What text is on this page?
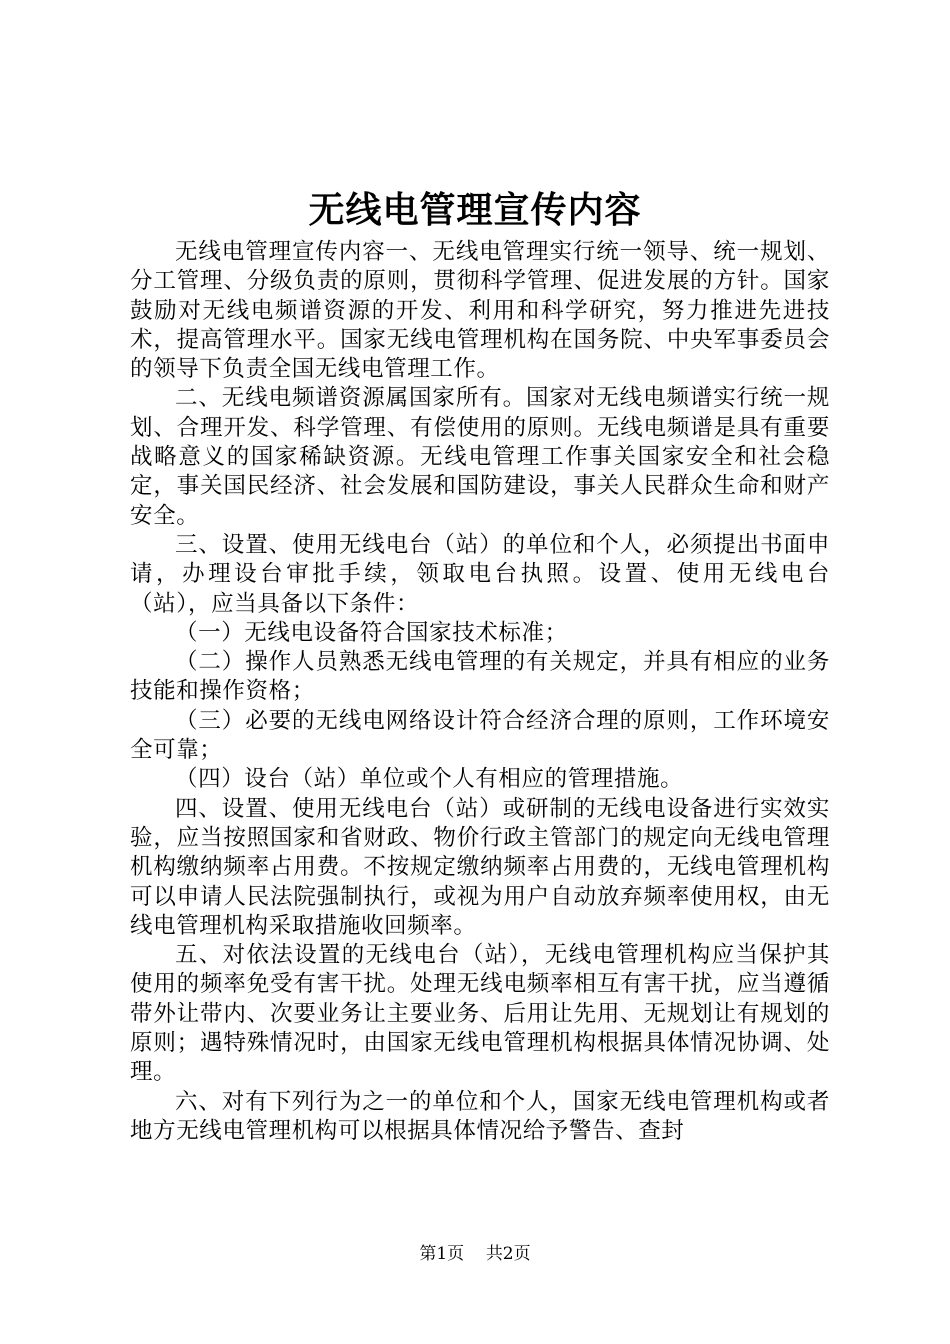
无线电管理宣传内容

无线电管理宣传内容一、无线电管理实行统一领导、统一规划、分工管理、分级负责的原则，贯彻科学管理、促进发展的方针。国家鼓励对无线电频谱资源的开发、利用和科学研究，努力推进先进技术，提高管理水平。国家无线电管理机构在国务院、中央军事委员会的领导下负责全国无线电管理工作。

二、无线电频谱资源属国家所有。国家对无线电频谱实行统一规划、合理开发、科学管理、有偿使用的原则。无线电频谱是具有重要战略意义的国家稀缺资源。无线电管理工作事关国家安全和社会稳定，事关国民经济、社会发展和国防建设，事关人民群众生命和财产安全。

三、设置、使用无线电台（站）的单位和个人，必须提出书面申请，办理设台审批手续，领取电台执照。设置、使用无线电台（站），应当具备以下条件：

（一）无线电设备符合国家技术标准；

（二）操作人员熟悉无线电管理的有关规定，并具有相应的业务技能和操作资格；

（三）必要的无线电网络设计符合经济合理的原则，工作环境安全可靠；

（四）设台（站）单位或个人有相应的管理措施。

四、设置、使用无线电台（站）或研制的无线电设备进行实效实验，应当按照国家和省财政、物价行政主管部门的规定向无线电管理机构缴纳频率占用费。不按规定缴纳频率占用费的，无线电管理机构可以申请人民法院强制执行，或视为用户自动放弃频率使用权，由无线电管理机构采取措施收回频率。

五、对依法设置的无线电台（站），无线电管理机构应当保护其使用的频率免受有害干扰。处理无线电频率相互有害干扰，应当遵循带外让带内、次要业务让主要业务、后用让先用、无规划让有规划的原则；遇特殊情况时，由国家无线电管理机构根据具体情况协调、处理。

六、对有下列行为之一的单位和个人，国家无线电管理机构或者地方无线电管理机构可以根据具体情况给予警告、查封

第1页 共2页
